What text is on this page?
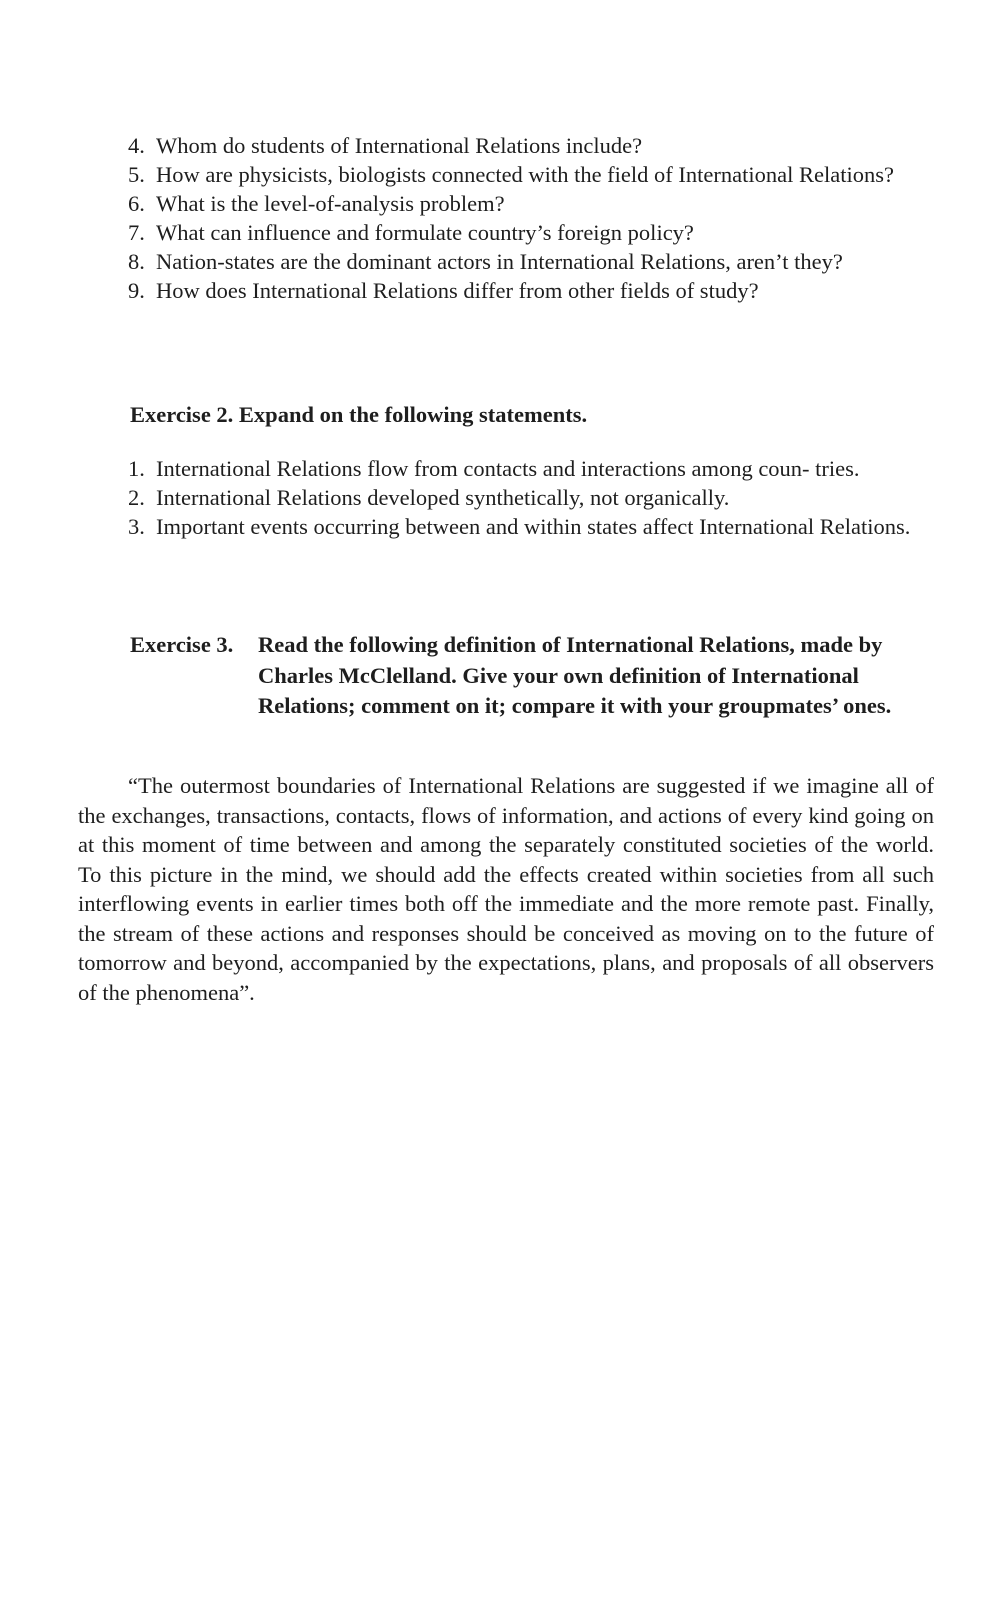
4. Whom do students of International Relations include?
5. How are physicists, biologists connected with the field of International Relations?
6. What is the level-of-analysis problem?
7. What can influence and formulate country’s foreign policy?
8. Nation-states are the dominant actors in International Relations, aren’t they?
9. How does International Relations differ from other fields of study?
Exercise 2. Expand on the following statements.
1. International Relations flow from contacts and interactions among coun- tries.
2. International Relations developed synthetically, not organically.
3. Important events occurring between and within states affect International Relations.
Exercise 3. Read the following definition of International Relations, made by Charles McClelland. Give your own definition of International Relations; comment on it; compare it with your groupmates’ ones.

“The outermost boundaries of International Relations are suggested if we imagine all of the exchanges, transactions, contacts, flows of information, and actions of every kind going on at this moment of time between and among the separately constituted societies of the world. To this picture in the mind, we should add the effects created within societies from all such interflowing events in earlier times both off the immediate and the more remote past. Finally, the stream of these actions and responses should be conceived as moving on to the future of tomorrow and beyond, accompanied by the expectations, plans, and proposals of all observers of the phenomena”.
